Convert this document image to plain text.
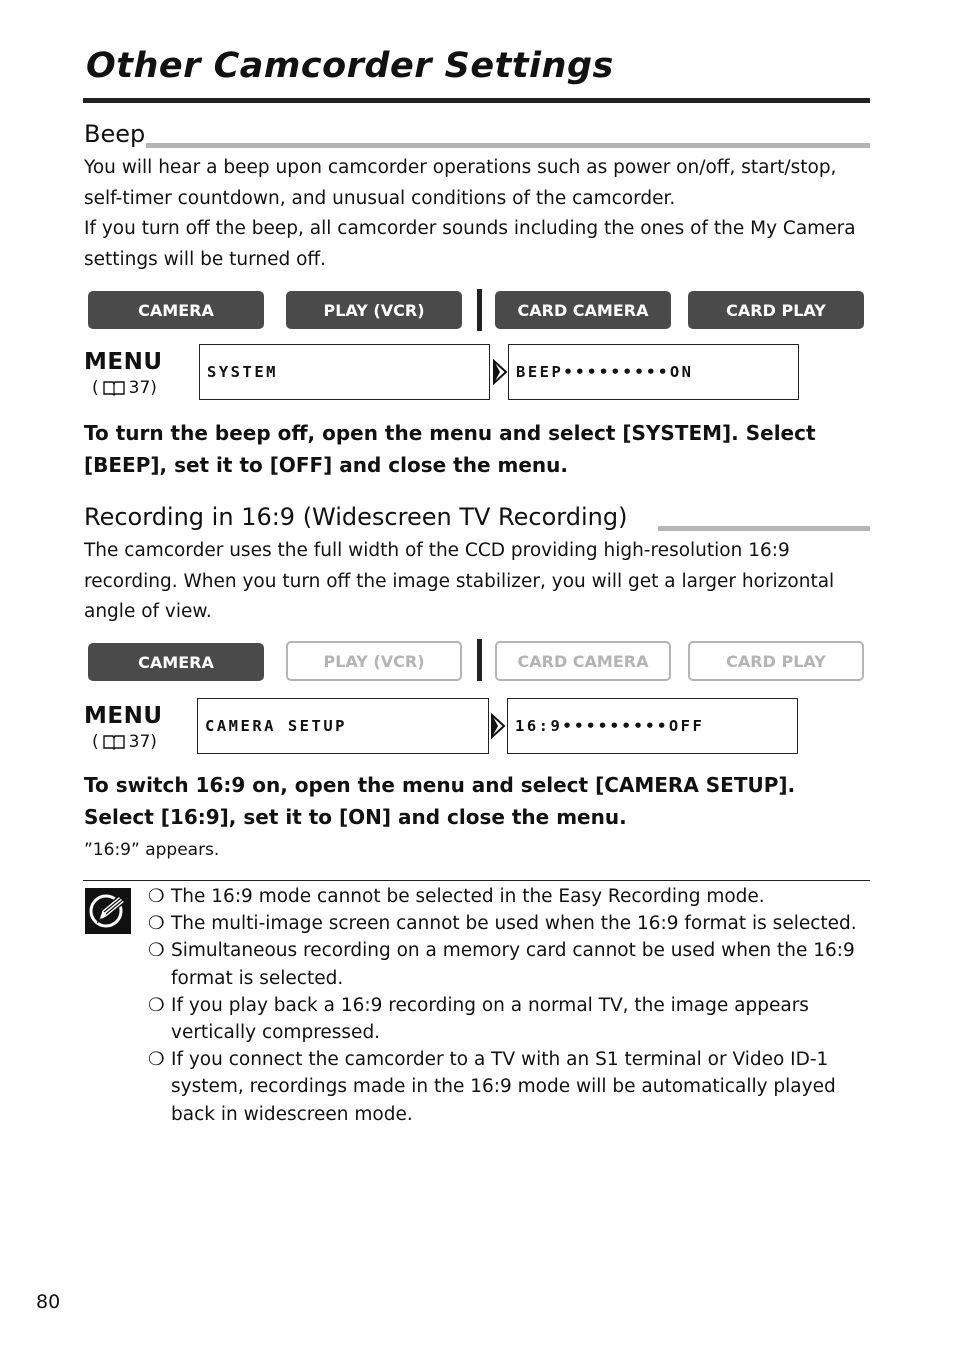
Other Camcorder Settings
Beep

You will hear a beep upon camcorder operations such as power on/off, start/stop, self-timer countdown, and unusual conditions of the camcorder.

If you turn off the beep, all camcorder sounds including the ones of the My Camera settings will be turned off.

CAMERA	PLAY (VCR)	CARD CAMERA	CARD PLAY
MENU
( 37)
SYSTEM	BEEP•••••••••ON
To turn the beep off, open the menu and select [SYSTEM]. Select [BEEP], set it to [OFF] and close the menu.
Recording in 16:9 (Widescreen TV Recording)

The camcorder uses the full width of the CCD providing high-resolution 16:9 recording. When you turn off the image stabilizer, you will get a larger horizontal angle of view.

CAMERA	PLAY (VCR)	CARD CAMERA	CARD PLAY
MENU
( 37)
CAMERA SETUP	16:9•••••••••OFF
To switch 16:9 on, open the menu and select [CAMERA SETUP]. Select [16:9], set it to [ON] and close the menu.
”16:9” appears.
❍ The 16:9 mode cannot be selected in the Easy Recording mode.
❍ The multi-image screen cannot be used when the 16:9 format is selected.
❍ Simultaneous recording on a memory card cannot be used when the 16:9 format is selected.
❍ If you play back a 16:9 recording on a normal TV, the image appears vertically compressed.
❍ If you connect the camcorder to a TV with an S1 terminal or Video ID-1 system, recordings made in the 16:9 mode will be automatically played back in widescreen mode.
80
